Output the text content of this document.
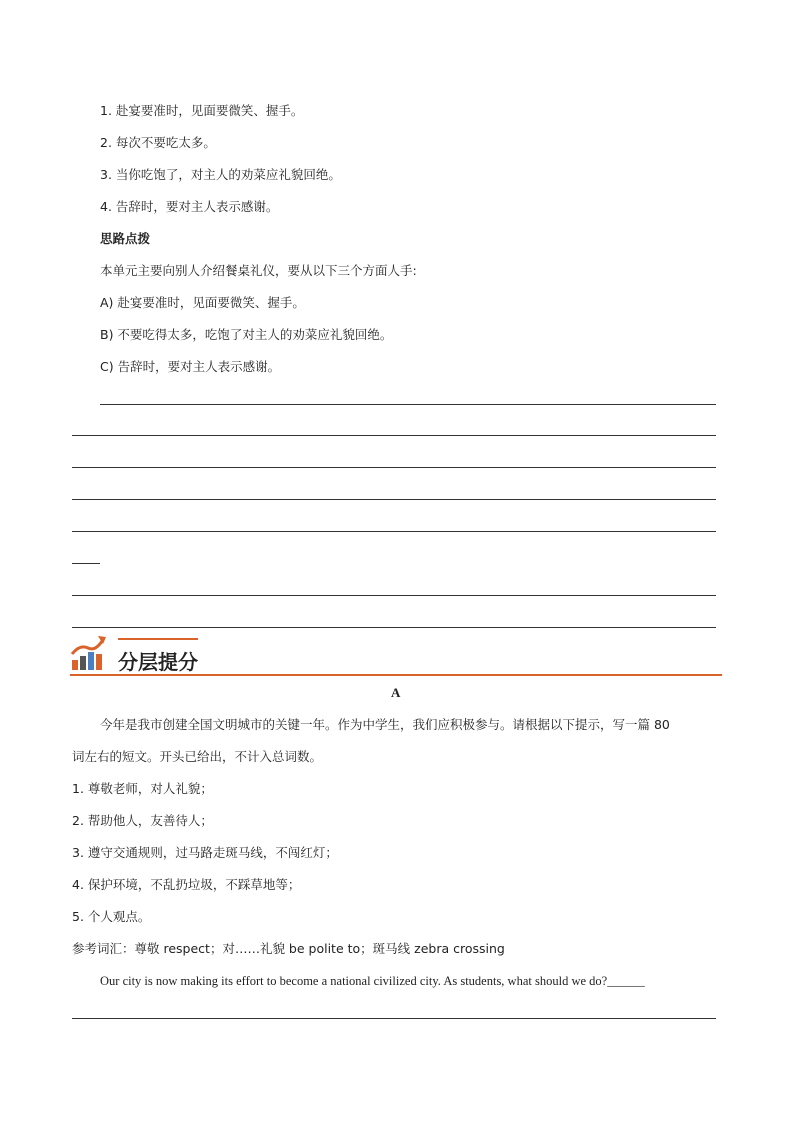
1. 赴宴要准时，见面要微笑、握手。
2. 每次不要吃太多。
3. 当你吃饱了，对主人的劝菜应礼貌回绝。
4. 告辞时，要对主人表示感谢。
思路点拨
本单元主要向别人介绍餐桌礼仪，要从以下三个方面人手:
A) 赴宴要准时，见面要微笑、握手。
B) 不要吃得太多，吃饱了对主人的劝菜应礼貌回绝。
C) 告辞时，要对主人表示感谢。
分层提分
A
今年是我市创建全国文明城市的关键一年。作为中学生，我们应积极参与。请根据以下提示，写一篇 80
词左右的短文。开头已给出，不计入总词数。
1. 尊敬老师，对人礼貌；
2. 帮助他人，友善待人；
3. 遵守交通规则，过马路走斑马线，不闯红灯；
4. 保护环境，不乱扔垃圾，不踩草地等；
5. 个人观点。
参考词汇：尊敬 respect；对……礼貌 be polite to；斑马线 zebra crossing
Our city is now making its effort to become a national civilized city. As students, what should we do?______
